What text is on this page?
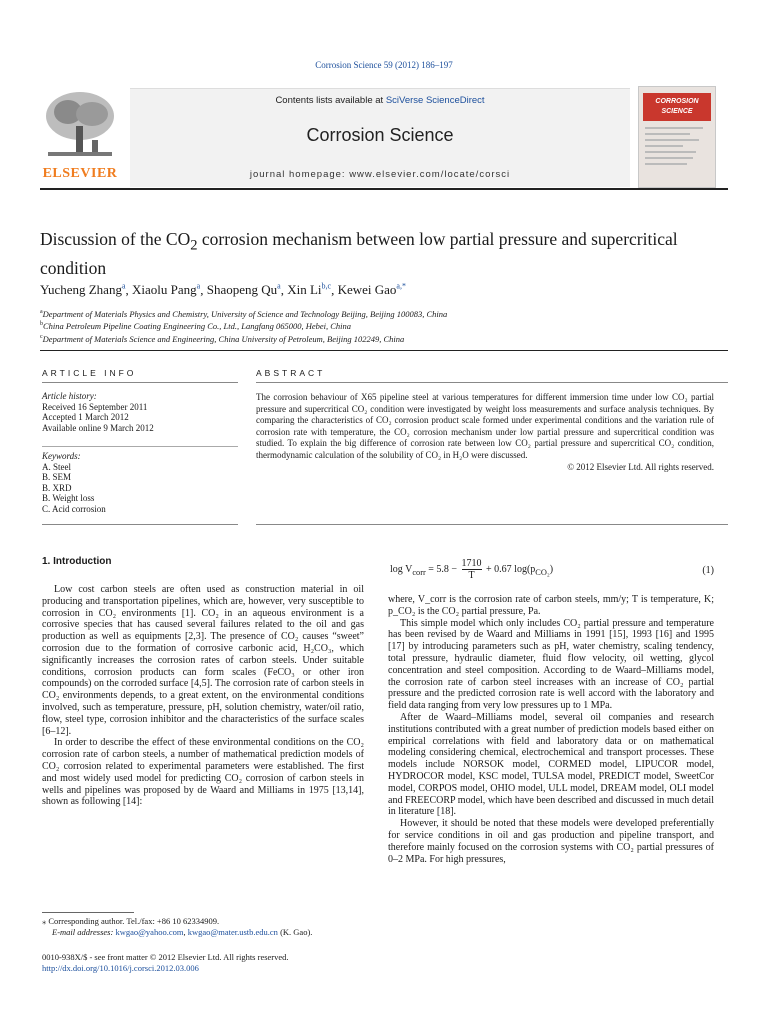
Corrosion Science 59 (2012) 186–197
ELSEVIER
Contents lists available at SciVerse ScienceDirect
Corrosion Science
journal homepage: www.elsevier.com/locate/corsci
CORROSION SCIENCE
Discussion of the $CO_2$ corrosion mechanism between low partial pressure and supercritical condition
Yucheng Zhang$^a$, Xiaolu Pang$^a$, Shaopeng Qu$^a$, Xin Li$^{b,c}$, Kewei Gao$^{a,*}$
$^a$Department of Materials Physics and Chemistry, University of Science and Technology Beijing, Beijing 100083, China
$^b$China Petroleum Pipeline Coating Engineering Co., Ltd., Langfang 065000, Hebei, China
$^c$Department of Materials Science and Engineering, China University of Petroleum, Beijing 102249, China
ARTICLE INFO	ABSTRACT
Article history:
Received 16 September 2011
Accepted 1 March 2012
Available online 9 March 2012
Keywords:
A. Steel
B. SEM
B. XRD
B. Weight loss
C. Acid corrosion
The corrosion behaviour of X65 pipeline steel at various temperatures for different immersion time under low CO₂ partial pressure and supercritical CO₂ condition were investigated by weight loss measurements and surface analysis techniques. By comparing the characteristics of CO₂ corrosion product scale formed under experimental conditions and the variation rule of corrosion rate with temperature, the CO₂ corrosion mechanism under low partial pressure and supercritical condition was studied. To explain the big difference of corrosion rate between low CO₂ partial pressure and supercritical CO₂ condition, thermodynamic calculation of the solubility of CO₂ in H₂O were discussed.
© 2012 Elsevier Ltd. All rights reserved.
1. Introduction

Low cost carbon steels are often used as construction material in oil producing and transportation pipelines, which are, however, very susceptible to corrosion in CO₂ environments [1]. CO₂ in an aqueous environment is a corrosive species that has caused several failures related to the oil and gas production as well as equipments [2,3]. The presence of CO₂ causes “sweet” corrosion due to the formation of corrosive carbonic acid, H₂CO₃, which significantly increases the corrosion rates of carbon steels. Under suitable conditions, corrosion products can form scales (FeCO₃ or other iron compounds) on the corroded surface [4,5]. The corrosion rate of carbon steels in CO₂ environments depends, to a great extent, on the environmental conditions involved, such as temperature, pressure, pH, solution chemistry, water/oil ratio, flow, steel type, corrosion inhibitor and the characteristics of the surface scales [6–12].

In order to describe the effect of these environmental conditions on the CO₂ corrosion rate of carbon steels, a number of mathematical prediction models of CO₂ corrosion related to experimental parameters were established. The first and most widely used model for predicting CO₂ corrosion of carbon steels in wells and pipelines was proposed by de Waard and Milliams in 1975 [13,14], shown as following [14]:

$\log V_{corr} = 5.8 - \frac{1710}{T} + 0.67$ $\log(p_{CO_2})$	(1)

where, V_corr is the corrosion rate of carbon steels, mm/y; T is temperature, K; p_CO₂ is the CO₂ partial pressure, Pa.

This simple model which only includes CO₂ partial pressure and temperature has been revised by de Waard and Milliams in 1991 [15], 1993 [16] and 1995 [17] by introducing parameters such as pH, water chemistry, scaling tendency, total pressure, hydraulic diameter, fluid flow velocity, oil wetting, glycol concentration and steel composition. According to de Waard–Milliams model, the corrosion rate of carbon steel increases with an increase of CO₂ partial pressure and the predicted corrosion rate is well accord with the laboratory and field data ranging from very low pressures up to 1 MPa.

After de Waard–Milliams model, several oil companies and research institutions contributed with a great number of prediction models based either on empirical correlations with field and laboratory data or on mathematical modeling considering chemical, electrochemical and transport processes. These models include NORSOK model, CORMED model, LIPUCOR model, HYDROCOR model, KSC model, TULSA model, PREDICT model, SweetCor model, CORPOS model, OHIO model, ULL model, DREAM model, OLI model and FREECORP model, which have been described and discussed in much detail in literature [18].

However, it should be noted that these models were developed preferentially for service conditions in oil and gas production and pipeline transport, and therefore mainly focused on the corrosion systems with CO₂ partial pressures of 0–2 MPa. For high pressures,

⁎ Corresponding author. Tel./fax: +86 10 62334909.
E-mail addresses: kwgao@yahoo.com, kwgao@mater.ustb.edu.cn (K. Gao).
0010-938X/$ - see front matter © 2012 Elsevier Ltd. All rights reserved.
http://dx.doi.org/10.1016/j.corsci.2012.03.006
